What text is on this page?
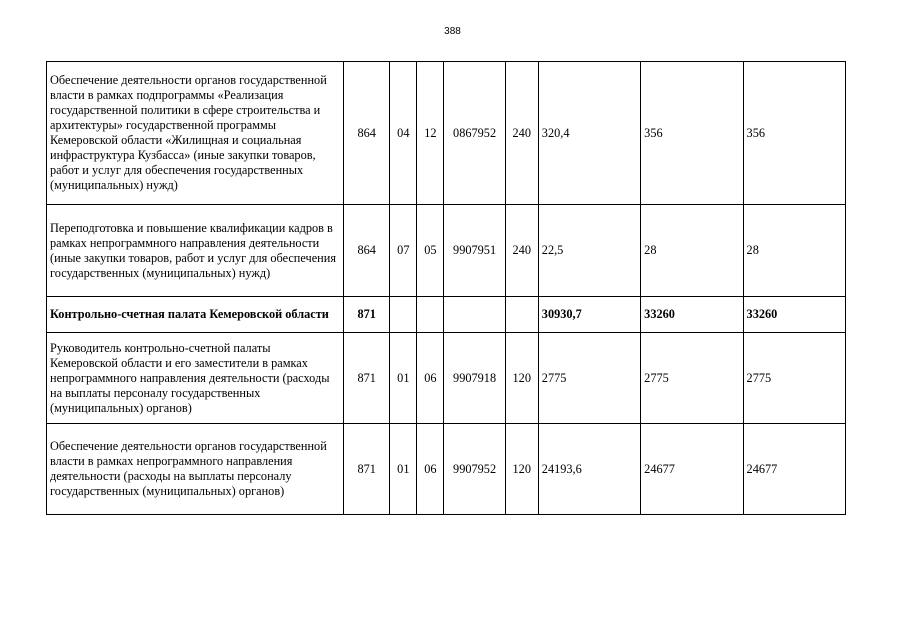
388
Обеспечение деятельности органов государственной власти в рамках подпрограммы «Реализация государственной политики в сфере строительства и архитектуры» государственной программы Кемеровской области «Жилищная и социальная инфраструктура Кузбасса» (иные закупки товаров, работ и услуг для обеспечения государственных (муниципальных) нужд)	864	04	12	0867952	240	320,4	356	356
Переподготовка и повышение квалификации кадров в рамках непрограммного направления деятельности (иные закупки товаров, работ и услуг для обеспечения государственных (муниципальных) нужд)	864	07	05	9907951	240	22,5	28	28
Контрольно-счетная палата Кемеровской области	871					30930,7	33260	33260
Руководитель контрольно-счетной палаты Кемеровской области и его заместители в рамках непрограммного направления деятельности (расходы на выплаты персоналу государственных (муниципальных) органов)	871	01	06	9907918	120	2775	2775	2775
Обеспечение деятельности органов государственной власти в рамках непрограммного направления деятельности (расходы на выплаты персоналу государственных (муниципальных) органов)	871	01	06	9907952	120	24193,6	24677	24677
